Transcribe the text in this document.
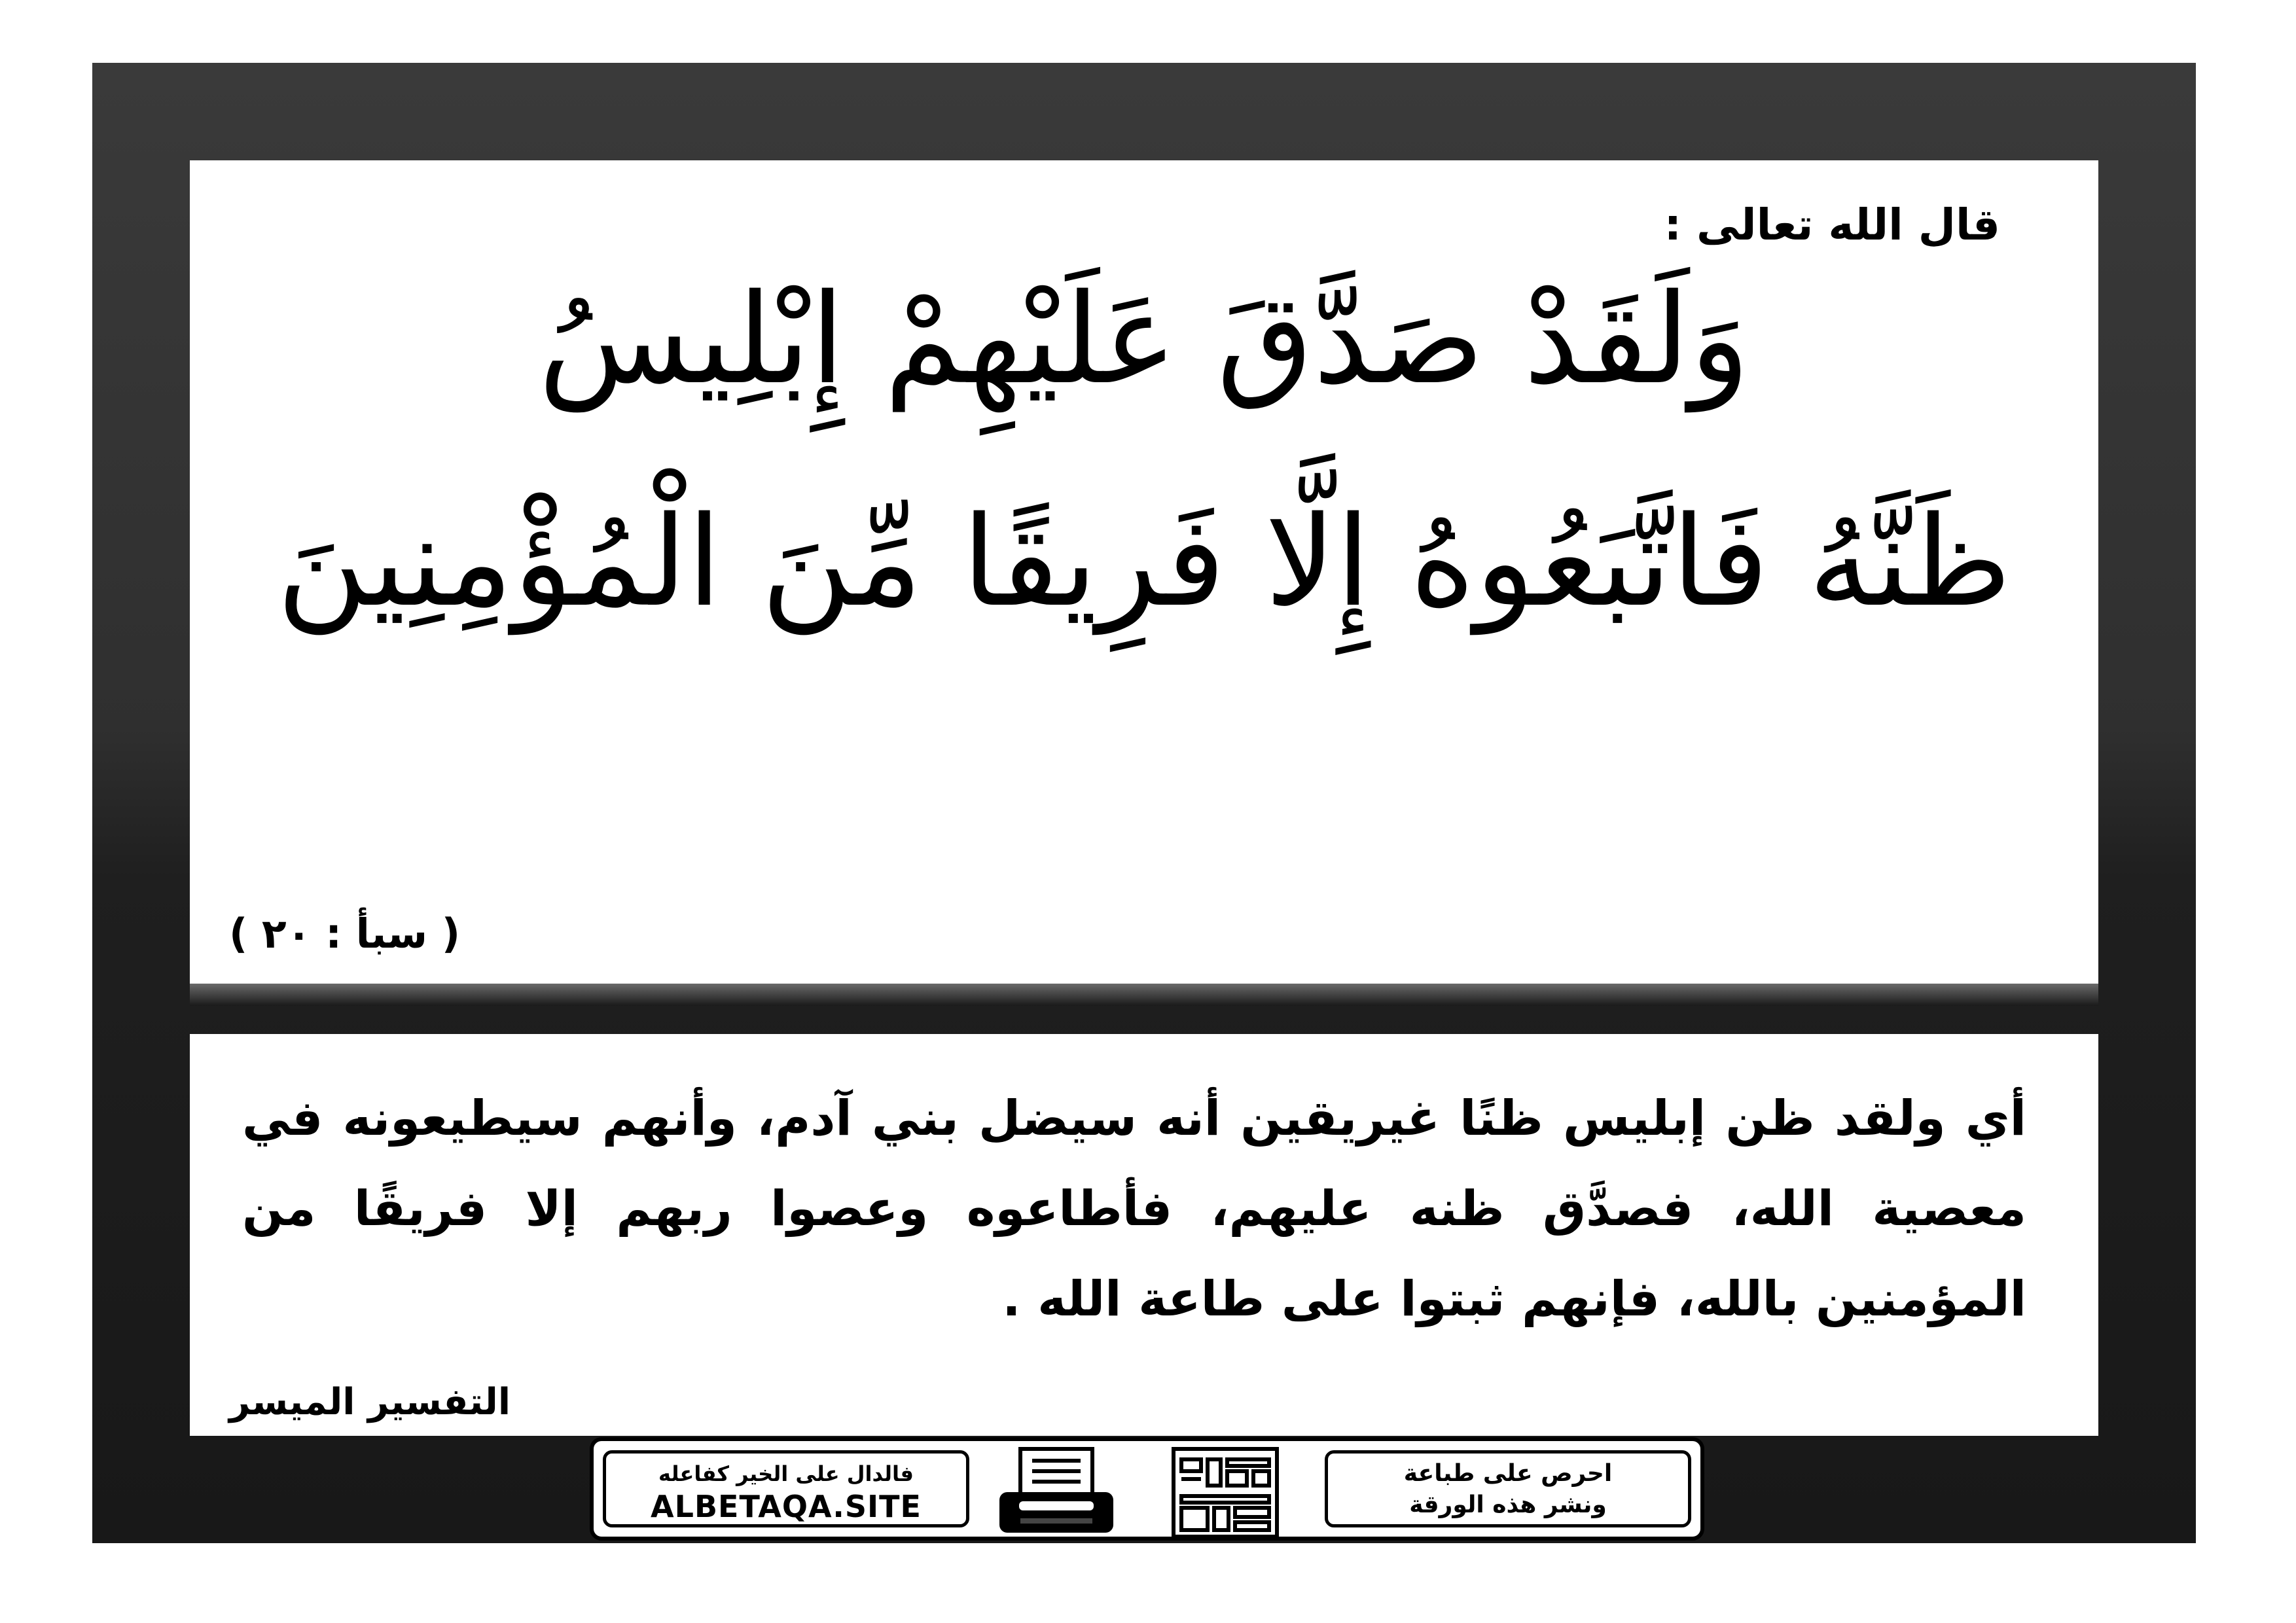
قال الله تعالى :
وَلَقَدْ صَدَّقَ عَلَيْهِمْ إِبْلِيسُ
ظَنَّهُ فَاتَّبَعُوهُ إِلَّا فَرِيقًا مِّنَ الْمُؤْمِنِينَ
( سبأ : ٢٠ )
أي ولقد ظن إبليس ظنًا غيريقين أنه سيضل بني آدم، وأنهم سيطيعونه في معصية الله، فصدَّق ظنه عليهم، فأطاعوه وعصوا ربهم إلا فريقًا من المؤمنين بالله، فإنهم ثبتوا على طاعة الله .
التفسير الميسر
فالدال على الخير كفاعله
ALBETAQA.SITE
احرص على طباعة
ونشر هذه الورقة
